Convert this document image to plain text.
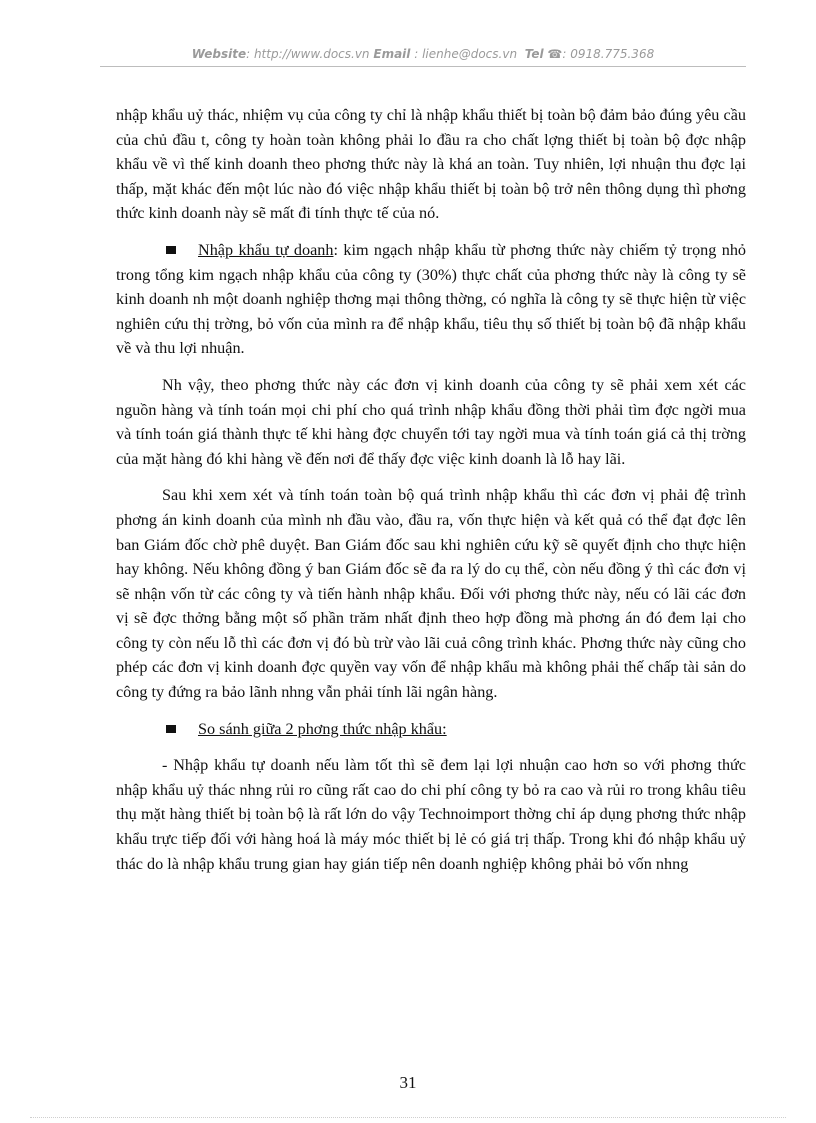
Website: http://www.docs.vn Email : lienhe@docs.vn Tel ☎: 0918.775.368

nhập khẩu uỷ thác, nhiệm vụ của công ty chỉ là nhập khẩu thiết bị toàn bộ đảm bảo đúng yêu cầu của chủ đầu t, công ty hoàn toàn không phải lo đầu ra cho chất lợng thiết bị toàn bộ đợc nhập khẩu về vì thế kinh doanh theo phơng thức này là khá an toàn. Tuy nhiên, lợi nhuận thu đợc lại thấp, mặt khác đến một lúc nào đó việc nhập khẩu thiết bị toàn bộ trở nên thông dụng thì phơng thức kinh doanh này sẽ mất đi tính thực tế của nó.

Nhập khẩu tự doanh: kim ngạch nhập khẩu từ phơng thức này chiếm tỷ trọng nhỏ trong tổng kim ngạch nhập khẩu của công ty (30%) thực chất của phơng thức này là công ty sẽ kinh doanh nh một doanh nghiệp thơng mại thông thờng, có nghĩa là công ty sẽ thực hiện từ việc nghiên cứu thị trờng, bỏ vốn của mình ra để nhập khẩu, tiêu thụ số thiết bị toàn bộ đã nhập khẩu về và thu lợi nhuận.

Nh vậy, theo phơng thức này các đơn vị kinh doanh của công ty sẽ phải xem xét các nguồn hàng và tính toán mọi chi phí cho quá trình nhập khẩu đồng thời phải tìm đợc ngời mua và tính toán giá thành thực tế khi hàng đợc chuyển tới tay ngời mua và tính toán giá cả thị trờng của mặt hàng đó khi hàng về đến nơi để thấy đợc việc kinh doanh là lỗ hay lãi.

Sau khi xem xét và tính toán toàn bộ quá trình nhập khẩu thì các đơn vị phải đệ trình phơng án kinh doanh của mình nh đầu vào, đầu ra, vốn thực hiện và kết quả có thể đạt đợc lên ban Giám đốc chờ phê duyệt. Ban Giám đốc sau khi nghiên cứu kỹ sẽ quyết định cho thực hiện hay không. Nếu không đồng ý ban Giám đốc sẽ đa ra lý do cụ thể, còn nếu đồng ý thì các đơn vị sẽ nhận vốn từ các công ty và tiến hành nhập khẩu. Đối với phơng thức này, nếu có lãi các đơn vị sẽ đợc thởng bằng một số phần trăm nhất định theo hợp đồng mà phơng án đó đem lại cho công ty còn nếu lỗ thì các đơn vị đó bù trừ vào lãi cuả công trình khác. Phơng thức này cũng cho phép các đơn vị kinh doanh đợc quyền vay vốn để nhập khẩu mà không phải thế chấp tài sản do công ty đứng ra bảo lãnh nhng vẫn phải tính lãi ngân hàng.

So sánh giữa 2 phơng thức nhập khẩu:

- Nhập khẩu tự doanh nếu làm tốt thì sẽ đem lại lợi nhuận cao hơn so với phơng thức nhập khẩu uỷ thác nhng rủi ro cũng rất cao do chi phí công ty bỏ ra cao và rủi ro trong khâu tiêu thụ mặt hàng thiết bị toàn bộ là rất lớn do vậy Technoimport thờng chỉ áp dụng phơng thức nhập khẩu trực tiếp đối với hàng hoá là máy móc thiết bị lẻ có giá trị thấp. Trong khi đó nhập khẩu uỷ thác do là nhập khẩu trung gian hay gián tiếp nên doanh nghiệp không phải bỏ vốn nhng

31
